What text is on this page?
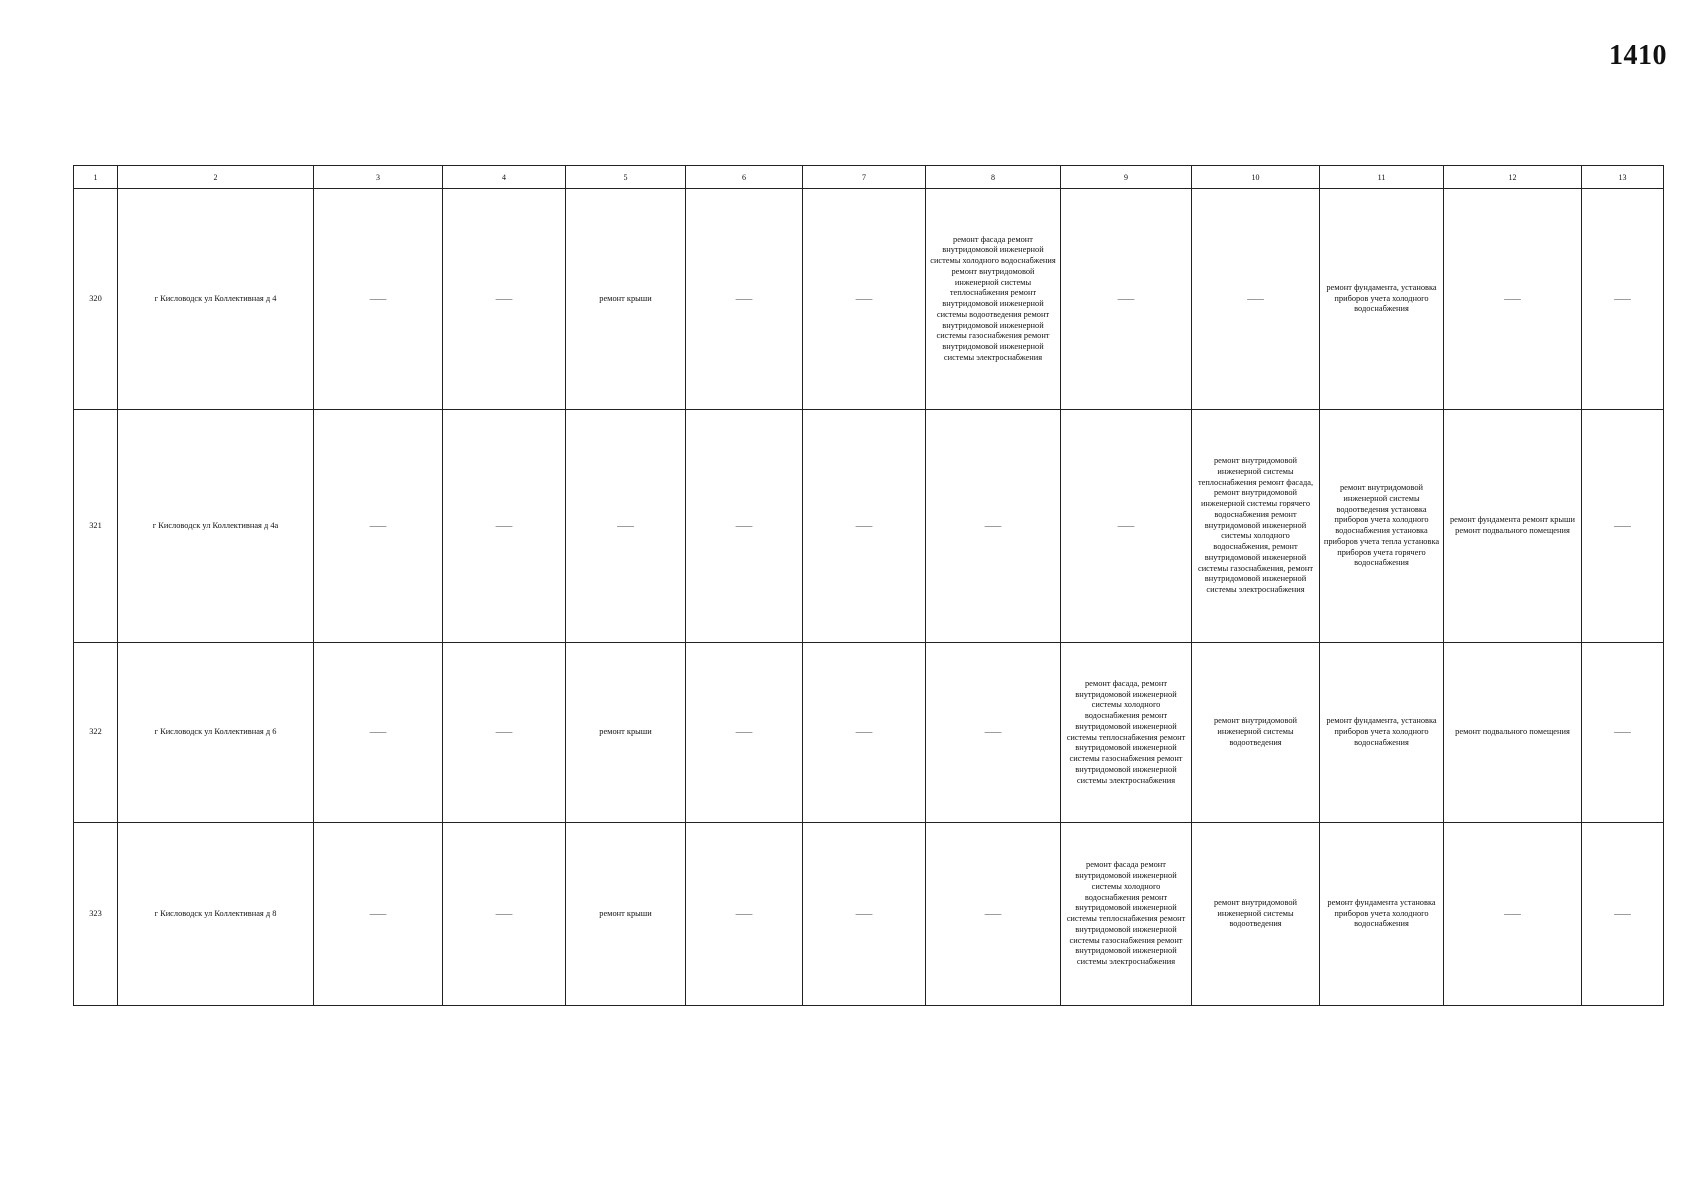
1410
1	2	3	4	5	6	7	8	9	10	11	12	13
320	г Кисловодск ул Коллективная д 4	——	——	ремонт крыши	——	——	ремонт фасада ремонт внутридомовой инженерной системы холодного водоснабжения ремонт внутридомовой инженерной системы теплоснабжения ремонт внутридомовой инженерной системы водоотведения ремонт внутридомовой инженерной системы газоснабжения ремонт внутридомовой инженерной системы электроснабжения	——	——	ремонт фундамента, установка приборов учета холодного водоснабжения	——	——
321	г Кисловодск ул Коллективная д 4а	——	——	——	——	——	——	——	ремонт внутридомовой инженерной системы теплоснабжения ремонт фасада, ремонт внутридомовой инженерной системы горячего водоснабжения ремонт внутридомовой инженерной системы холодного водоснабжения, ремонт внутридомовой инженерной системы газоснабжения, ремонт внутридомовой инженерной системы электроснабжения	ремонт внутридомовой инженерной системы водоотведения установка приборов учета холодного водоснабжения установка приборов учета тепла установка приборов учета горячего водоснабжения	ремонт фундамента ремонт крыши ремонт подвального помещения	——
322	г Кисловодск ул Коллективная д 6	——	——	ремонт крыши	——	——	——	ремонт фасада, ремонт внутридомовой инженерной системы холодного водоснабжения ремонт внутридомовой инженерной системы теплоснабжения ремонт внутридомовой инженерной системы газоснабжения ремонт внутридомовой инженерной системы электроснабжения	ремонт внутридомовой инженерной системы водоотведения	ремонт фундамента, установка приборов учета холодного водоснабжения	ремонт подвального помещения	——
323	г Кисловодск ул Коллективная д 8	——	——	ремонт крыши	——	——	——	ремонт фасада ремонт внутридомовой инженерной системы холодного водоснабжения ремонт внутридомовой инженерной системы теплоснабжения ремонт внутридомовой инженерной системы газоснабжения ремонт внутридомовой инженерной системы электроснабжения	ремонт внутридомовой инженерной системы водоотведения	ремонт фундамента установка приборов учета холодного водоснабжения	——	——
